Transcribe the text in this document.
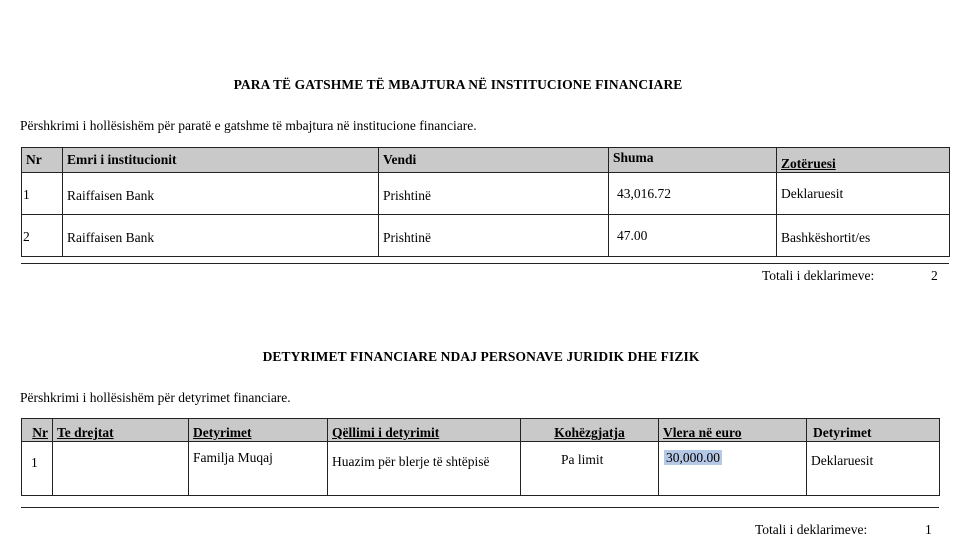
PARA TË GATSHME TË MBAJTURA NË INSTITUCIONE FINANCIARE
Përshkrimi i hollësishëm për paratë e gatshme të mbajtura në institucione financiare.
Nr	Emri i institucionit	Vendi	Shuma	Zotëruesi
1	Raiffaisen Bank	Prishtinë	43,016.72	Deklaruesit
2	Raiffaisen Bank	Prishtinë	47.00	Bashkëshortit/es
Totali i deklarimeve:	2
DETYRIMET FINANCIARE NDAJ PERSONAVE JURIDIK DHE FIZIK
Përshkrimi i hollësishëm për detyrimet financiare.
Nr	Te drejtat	Detyrimet	Qëllimi i detyrimit	Kohëzgjatja	Vlera në euro	Detyrimet
1		Familja Muqaj	Huazim për blerje të shtëpisë	Pa limit	30,000.00	Deklaruesit
Totali i deklarimeve:	1
